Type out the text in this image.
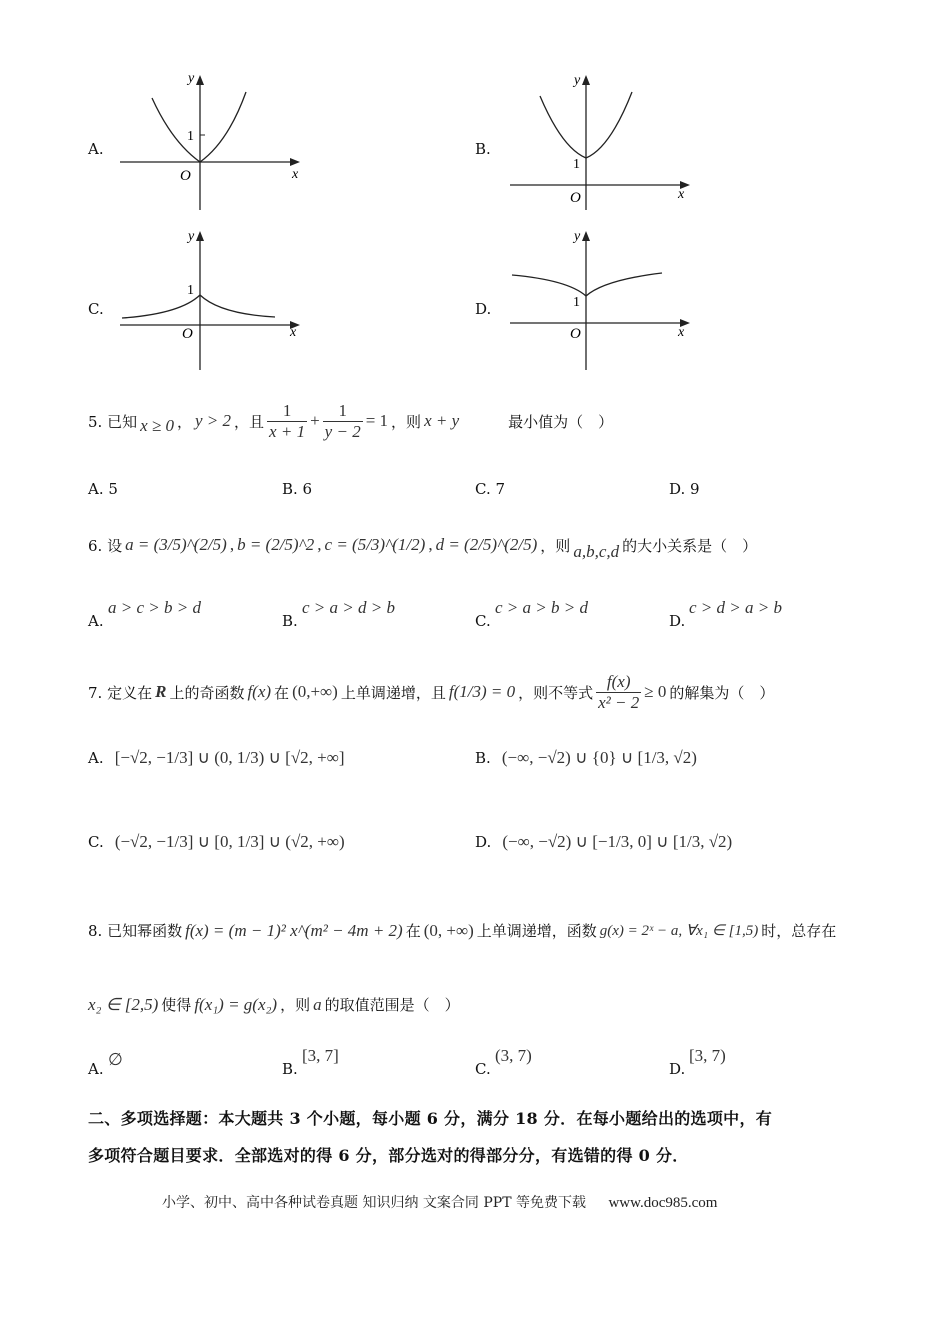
A.
y
x
O
1
B.
y
x
O
1
C.
y
x
O
1
D.
y
x
O
1
5. 已知 x ≥ 0 ， y > 2 ，且 $\frac{1}{x + 1} + \frac{1}{y - 2} = 1$ ，则 x + y	最小值为（　）
A. 5	B. 6	C. 7	D. 9
6. 设 a = (3/5)^(2/5) , b = (2/5)^2 , c = (5/3)^(1/2) , d = (2/5)^(2/5) ，则 a,b,c,d 的大小关系是（　）
A.
a > c > b > d
B.
c > a > d > b
C.
c > a > b > d
D.
c > d > a > b
7. 定义在 R 上的奇函数 f(x) 在 (0,+∞) 上单调递增，且 f(1/3) = 0 ，则不等式 $\frac{f(x)}{\text{x² − 2}} \ge 0$ 的解集为（　）
A. [−√2, −1/3] ∪ (0, 1/3) ∪ [√2, +∞]	B. (−∞, −√2) ∪ {0} ∪ [1/3, √2)
C. (−√2, −1/3] ∪ [0, 1/3] ∪ (√2, +∞)	D. (−∞, −√2) ∪ [−1/3, 0] ∪ [1/3, √2)
8. 已知幂函数 f(x) = (m − 1)² x^(m² − 4m + 2) 在 (0, +∞) 上单调递增，函数 g(x) = 2ˣ − a, ∀x₁ ∈ [1,5) 时，总存在
x₂ ∈ [2,5) 使得 f(x₁) = g(x₂) ，则 a 的取值范围是（　）
A. ∅	B.
[3, 7]
C.
(3, 7)
D.
[3, 7)
二、多项选择题：本大题共 3 个小题，每小题 6 分，满分 18 分．在每小题给出的选项中，有
多项符合题目要求．全部选对的得 6 分，部分选对的得部分分，有选错的得 0 分．
小学、初中、高中各种试卷真题 知识归纳 文案合同 PPT 等免费下载 www.doc985.com
